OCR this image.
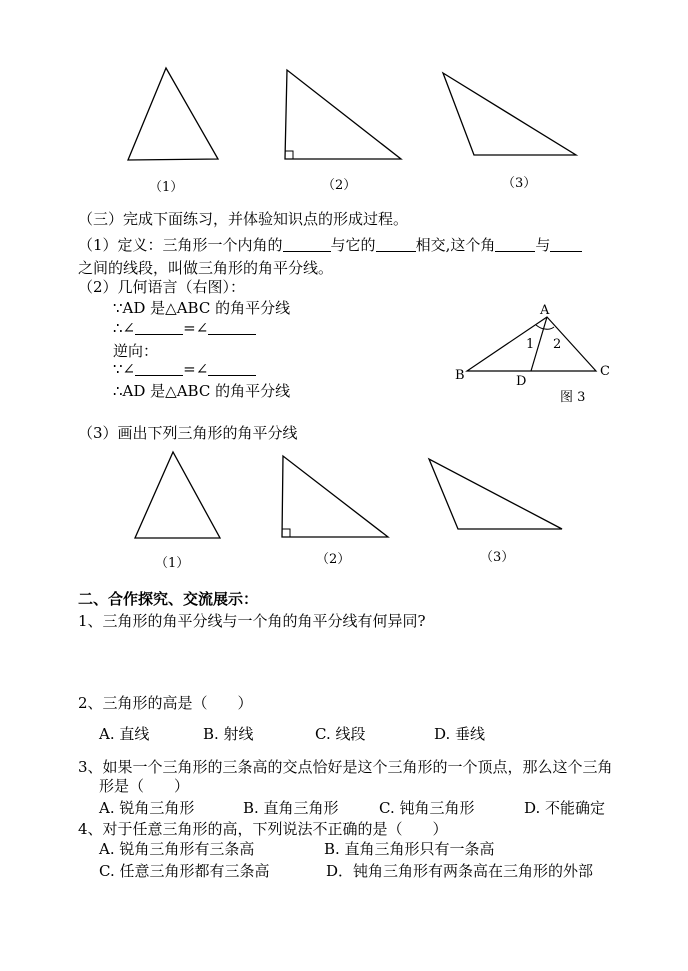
（1）	（2）	（3）
（三）完成下面练习，并体验知识点的形成过程。
（1）定义：三角形一个内角的	与它的	相交,这个角	与
之间的线段，叫做三角形的角平分线。
（2）几何语言（右图）：
∵AD 是△ABC 的角平分线
∴∠	=∠
逆向：
∵∠	=∠
∴AD 是△ABC 的角平分线
A
B	C
D
1 2
图 3
（3）画出下列三角形的角平分线
（1）	（2）	（3）
二、合作探究、交流展示：
1、三角形的角平分线与一个角的角平分线有何异同?
2、三角形的高是（　　）
A. 直线	B. 射线	C. 线段	D. 垂线
3、如果一个三角形的三条高的交点恰好是这个三角形的一个顶点，那么这个三角
形是（　　）
A. 锐角三角形	B. 直角三角形	C. 钝角三角形	D. 不能确定
4、对于任意三角形的高，下列说法不正确的是（　　）
A. 锐角三角形有三条高	B. 直角三角形只有一条高
C. 任意三角形都有三条高	D．钝角三角形有两条高在三角形的外部
